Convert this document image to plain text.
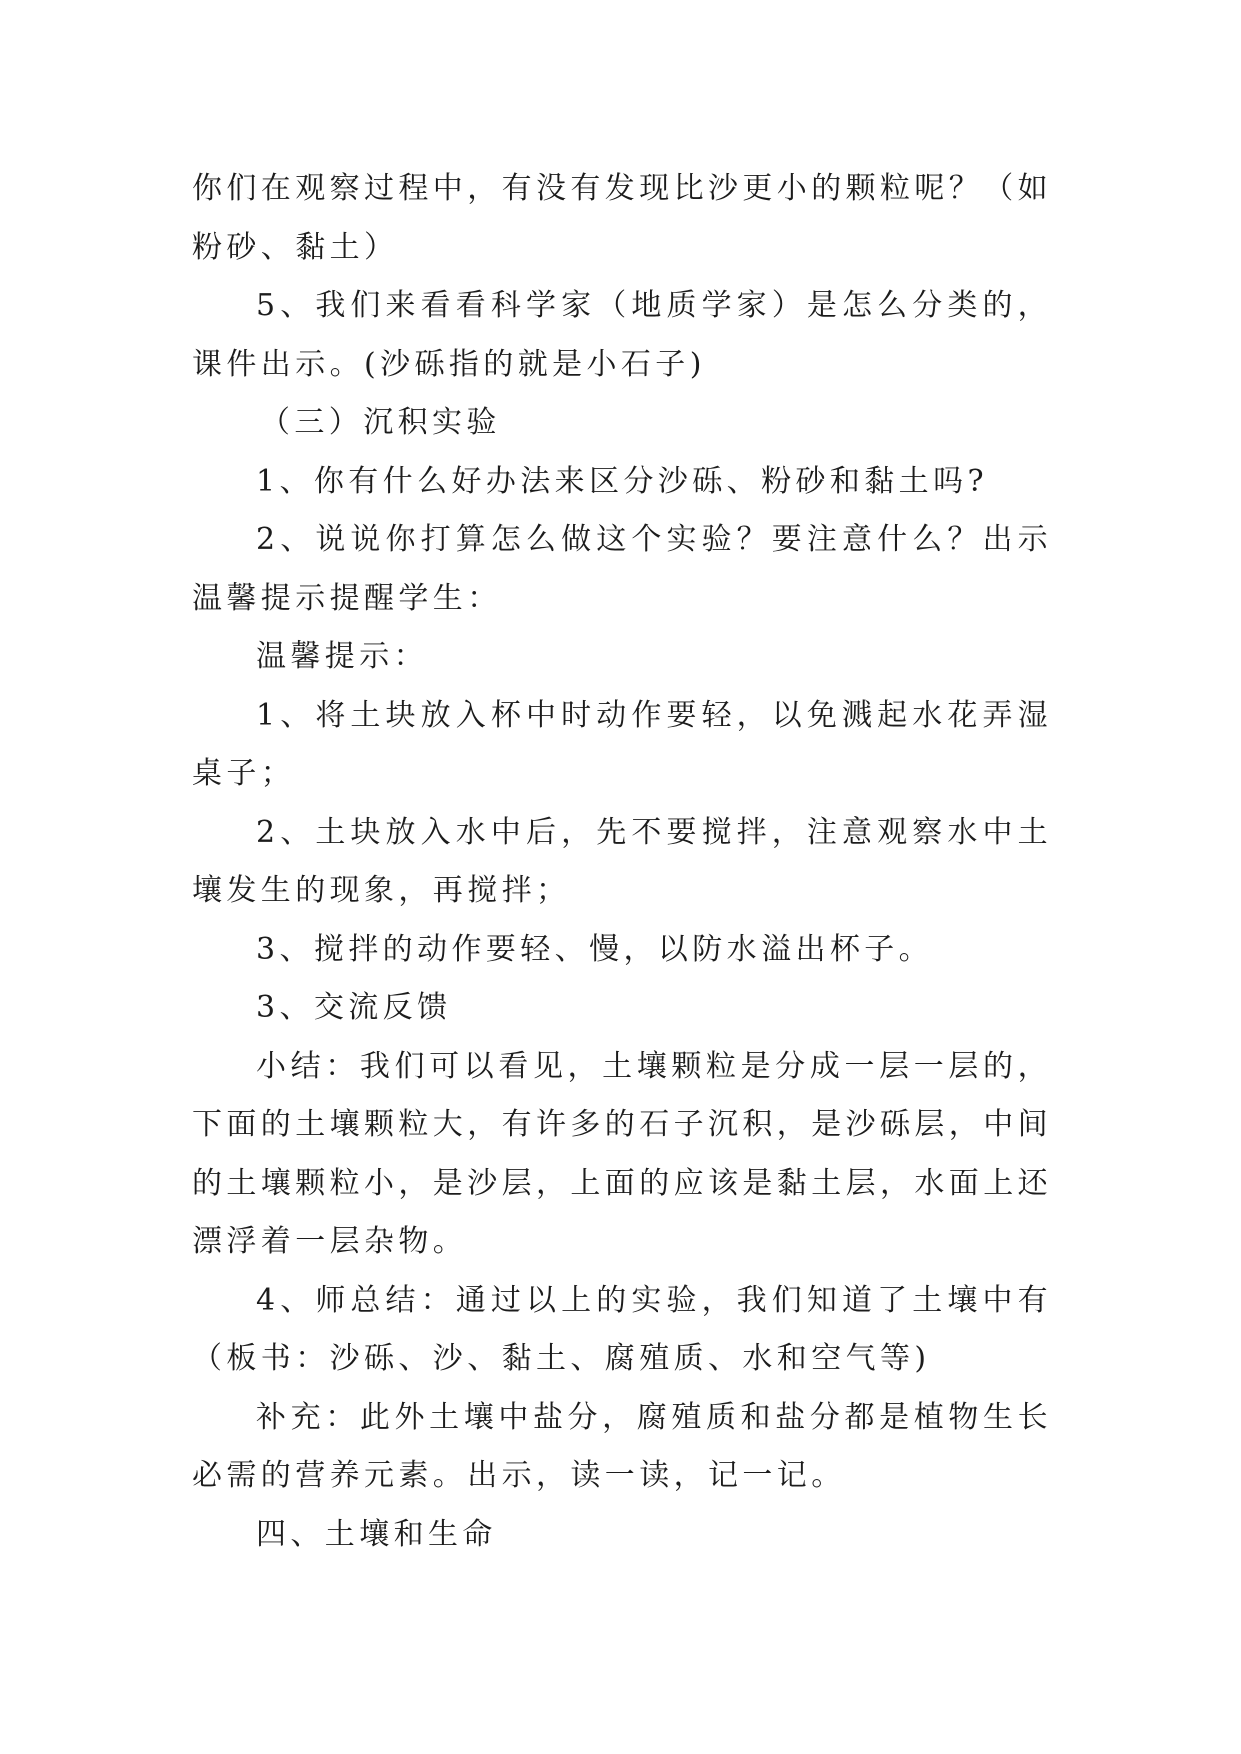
你们在观察过程中，有没有发现比沙更小的颗粒呢？（如粉砂、黏土）

5、我们来看看科学家（地质学家）是怎么分类的，课件出示。(沙砾指的就是小石子)

（三）沉积实验

1、你有什么好办法来区分沙砾、粉砂和黏土吗?

2、说说你打算怎么做这个实验？要注意什么？出示温馨提示提醒学生：

温馨提示：

1、将土块放入杯中时动作要轻，以免溅起水花弄湿桌子；

2、土块放入水中后，先不要搅拌，注意观察水中土壤发生的现象，再搅拌；

3、搅拌的动作要轻、慢，以防水溢出杯子。

3、交流反馈

小结：我们可以看见，土壤颗粒是分成一层一层的，下面的土壤颗粒大，有许多的石子沉积，是沙砾层，中间的土壤颗粒小，是沙层，上面的应该是黏土层，水面上还漂浮着一层杂物。

4、师总结：通过以上的实验，我们知道了土壤中有（板书：沙砾、沙、黏土、腐殖质、水和空气等)

补充：此外土壤中盐分，腐殖质和盐分都是植物生长必需的营养元素。出示，读一读，记一记。

四、土壤和生命
